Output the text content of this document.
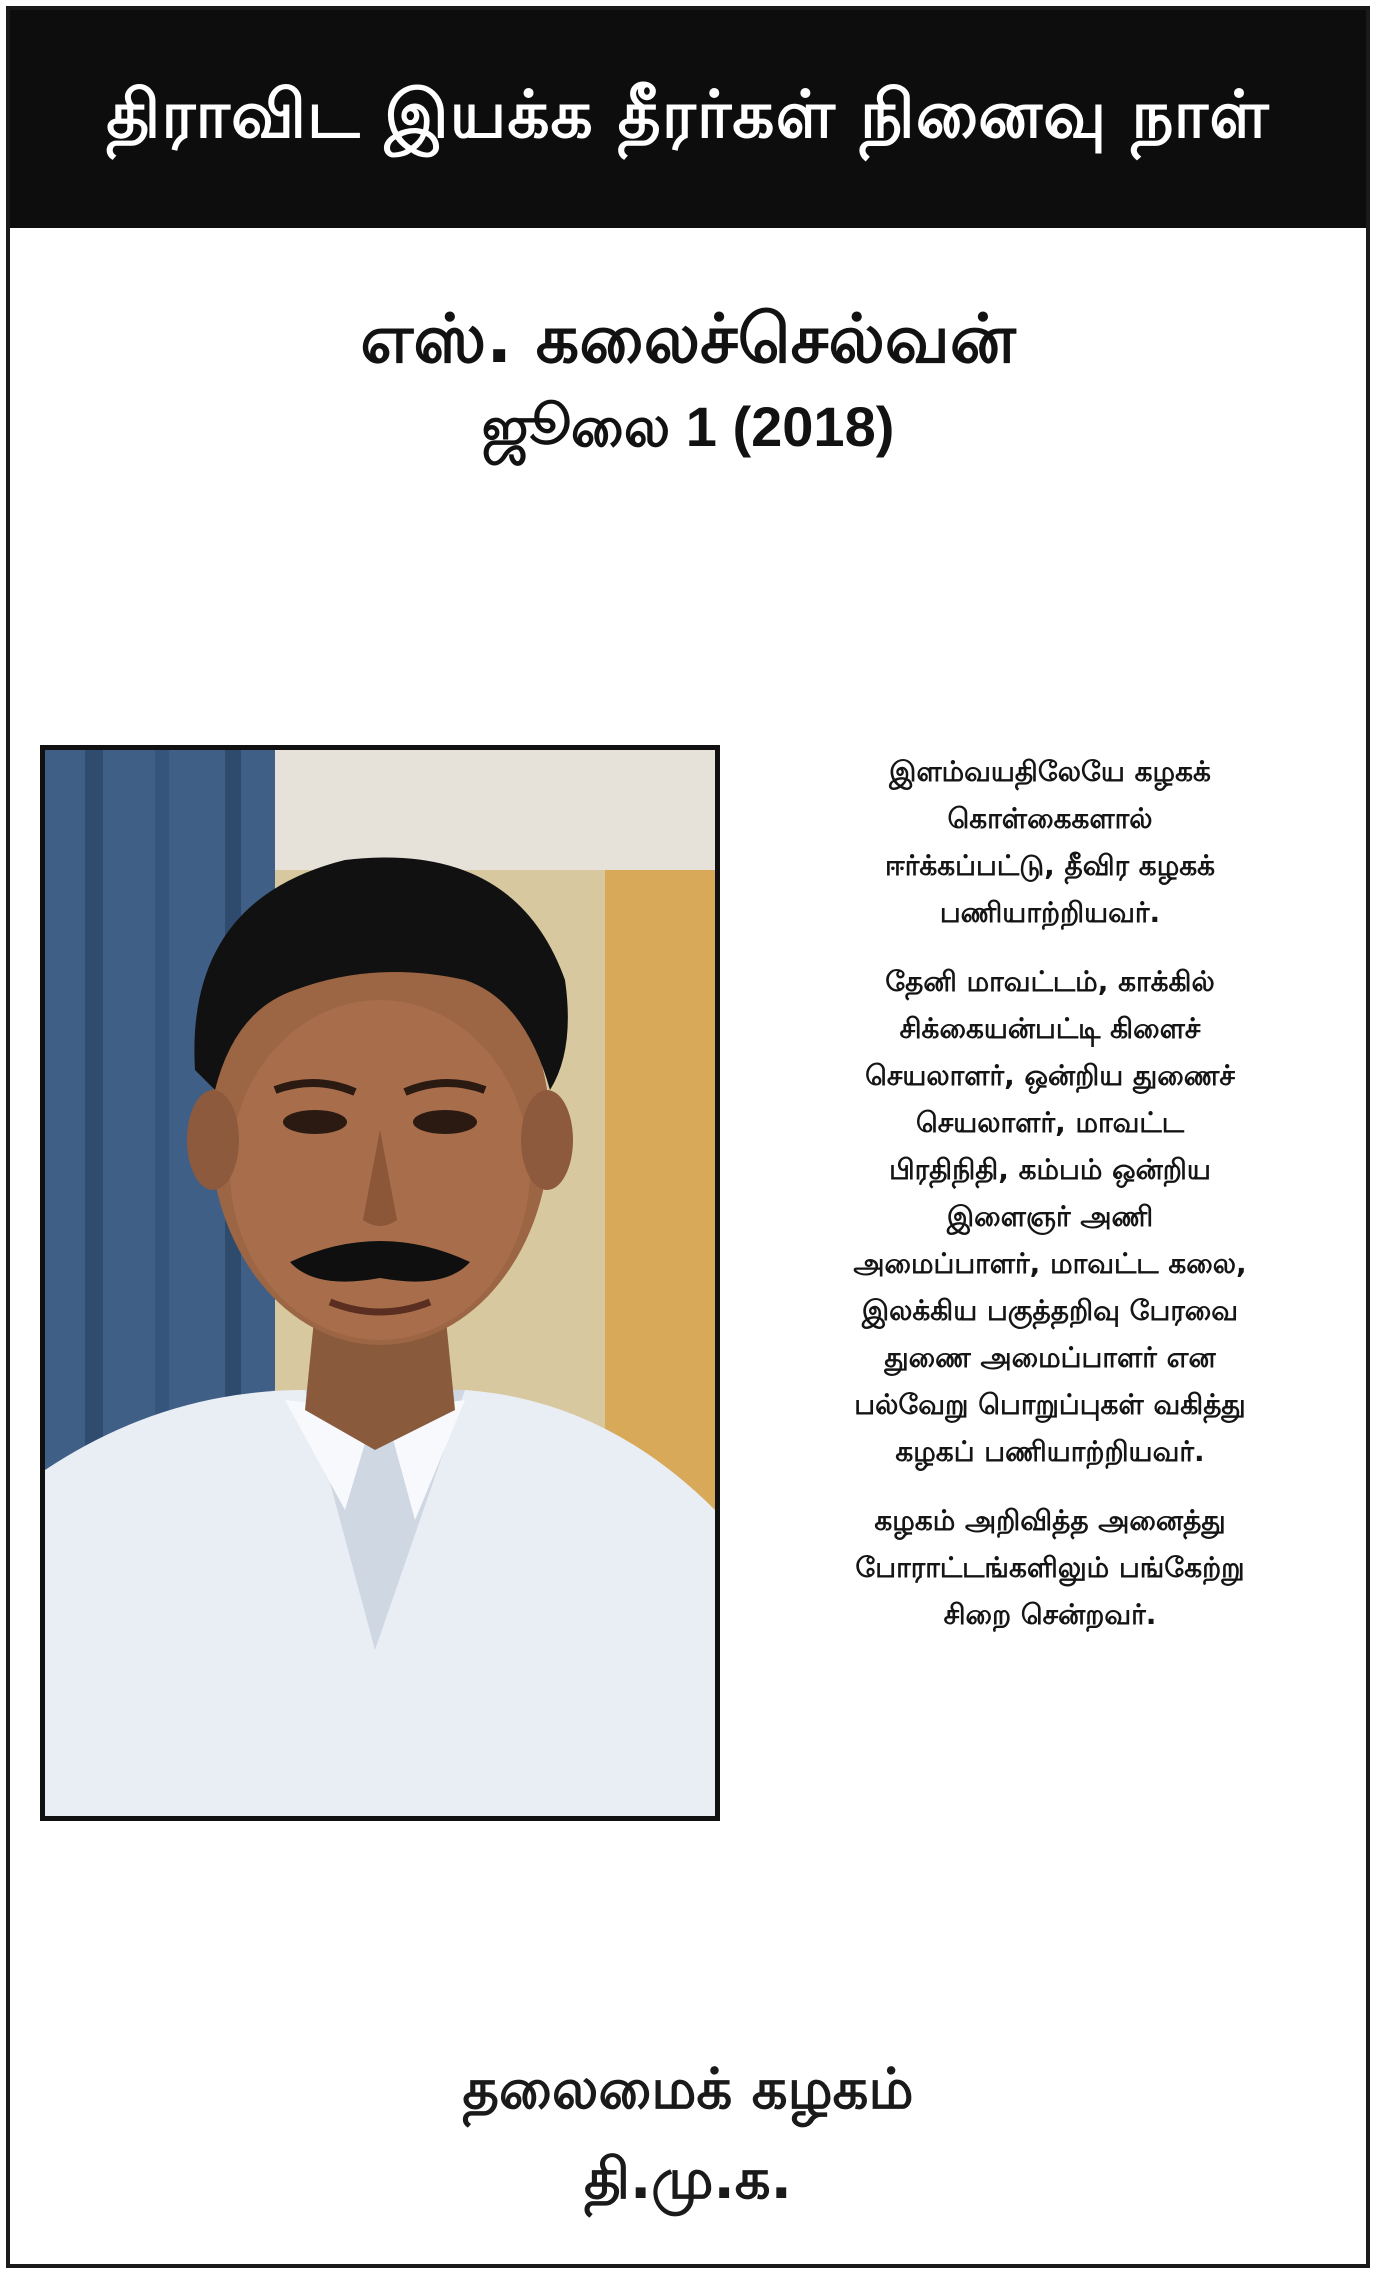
திராவிட இயக்க தீரர்கள் நினைவு நாள்
எஸ். கலைச்செல்வன்
ஜூலை 1 (2018)

இளம்வயதிலேயே கழகக்
கொள்கைகளால்
ஈர்க்கப்பட்டு, தீவிர கழகக்
பணியாற்றியவர்.

தேனி மாவட்டம், காக்கில்
சிக்கையன்பட்டி கிளைச்
செயலாளர், ஒன்றிய துணைச்
செயலாளர், மாவட்ட
பிரதிநிதி, கம்பம் ஒன்றிய
இளைஞர் அணி
அமைப்பாளர், மாவட்ட கலை,
இலக்கிய பகுத்தறிவு பேரவை
துணை அமைப்பாளர் என
பல்வேறு பொறுப்புகள் வகித்து
கழகப் பணியாற்றியவர்.

கழகம் அறிவித்த அனைத்து
போராட்டங்களிலும் பங்கேற்று
சிறை சென்றவர்.

தலைமைக் கழகம்
தி.மு.க.
